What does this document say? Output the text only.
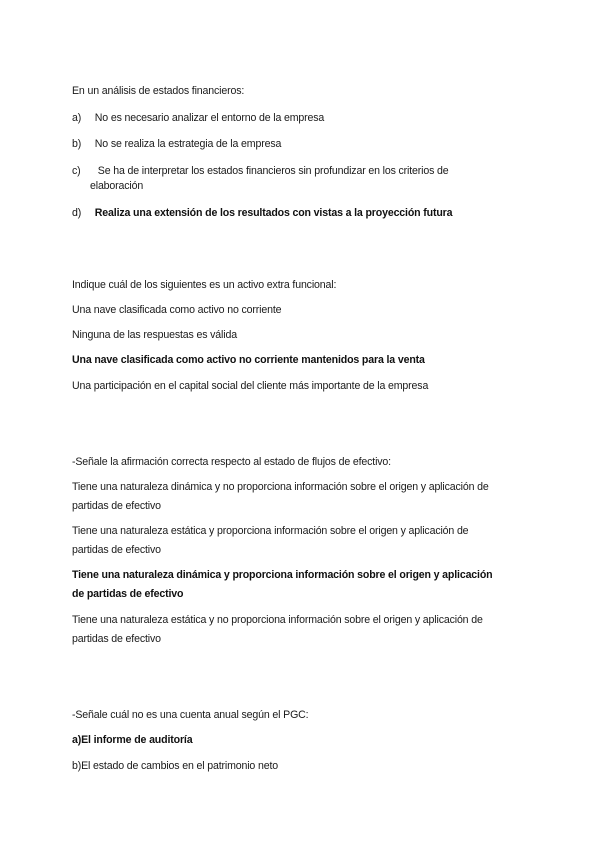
En un análisis de estados financieros:
a) No es necesario analizar el entorno de la empresa
b) No se realiza la estrategia de la empresa
c) Se ha de interpretar los estados financieros sin profundizar en los criterios de
elaboración
d) Realiza una extensión de los resultados con vistas a la proyección futura
Indique cuál de los siguientes es un activo extra funcional:
Una nave clasificada como activo no corriente
Ninguna de las respuestas es válida
Una nave clasificada como activo no corriente mantenidos para la venta
Una participación en el capital social del cliente más importante de la empresa
-Señale la afirmación correcta respecto al estado de flujos de efectivo:
Tiene una naturaleza dinámica y no proporciona información sobre el origen y aplicación de
partidas de efectivo
Tiene una naturaleza estática y proporciona información sobre el origen y aplicación de
partidas de efectivo
Tiene una naturaleza dinámica y proporciona información sobre el origen y aplicación
de partidas de efectivo
Tiene una naturaleza estática y no proporciona información sobre el origen y aplicación de
partidas de efectivo
-Señale cuál no es una cuenta anual según el PGC:
a)El informe de auditoría
b)El estado de cambios en el patrimonio neto
